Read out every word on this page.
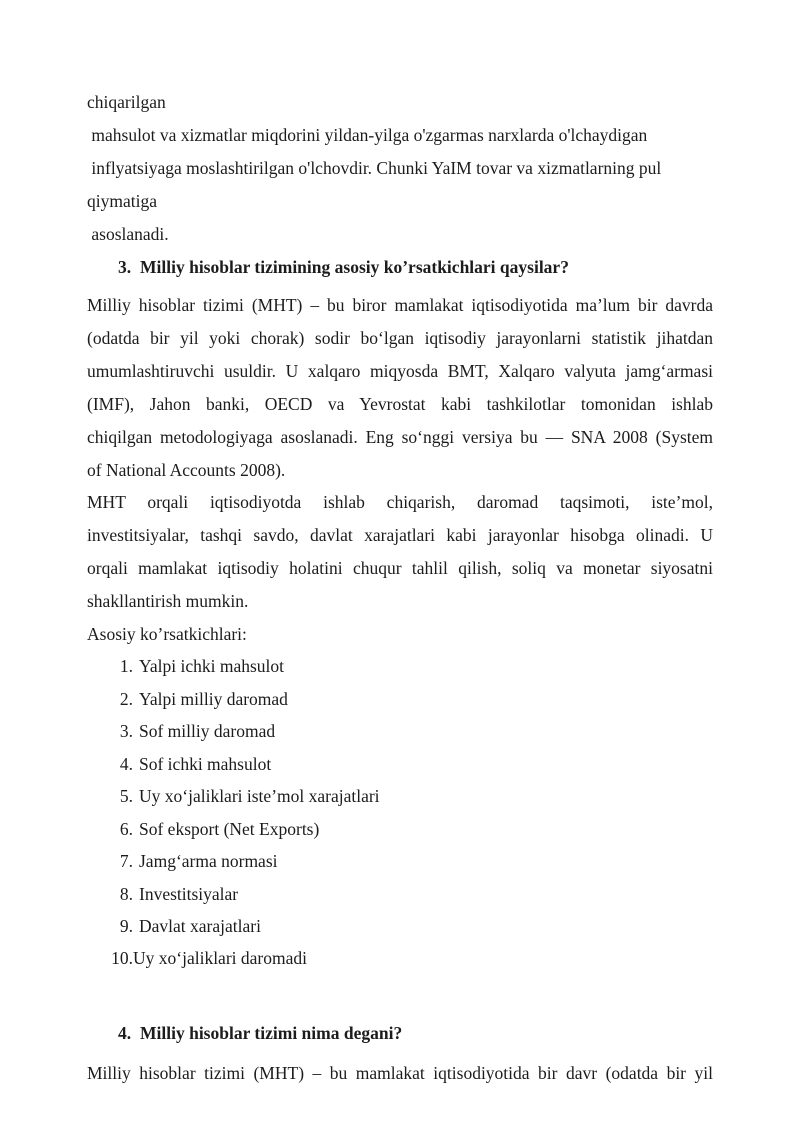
chiqarilgan
mahsulot va xizmatlar miqdorini yildan-yilga o'zgarmas narxlarda o'lchaydigan
inflyatsiyaga moslashtirilgan o'lchovdir. Chunki YaIM tovar va xizmatlarning pul
qiymatiga
asoslanadi.
3. Milliy hisoblar tizimining asosiy ko’rsatkichlari qaysilar?
Milliy hisoblar tizimi (MHT) – bu biror mamlakat iqtisodiyotida ma’lum bir davrda
(odatda bir yil yoki chorak) sodir bo‘lgan iqtisodiy jarayonlarni statistik jihatdan
umumlashtiruvchi usuldir. U xalqaro miqyosda BMT, Xalqaro valyuta jamg‘armasi
(IMF), Jahon banki, OECD va Yevrostat kabi tashkilotlar tomonidan ishlab
chiqilgan metodologiyaga asoslanadi. Eng so‘nggi versiya bu — SNA 2008 (System
of National Accounts 2008).
MHT orqali iqtisodiyotda ishlab chiqarish, daromad taqsimoti, iste’mol,
investitsiyalar, tashqi savdo, davlat xarajatlari kabi jarayonlar hisobga olinadi. U
orqali mamlakat iqtisodiy holatini chuqur tahlil qilish, soliq va monetar siyosatni
shakllantirish mumkin.
Asosiy ko’rsatkichlari:
1. Yalpi ichki mahsulot
2. Yalpi milliy daromad
3. Sof milliy daromad
4. Sof ichki mahsulot
5. Uy xo‘jaliklari iste’mol xarajatlari
6. Sof eksport (Net Exports)
7. Jamg‘arma normasi
8. Investitsiyalar
9. Davlat xarajatlari
10.Uy xo‘jaliklari daromadi
4. Milliy hisoblar tizimi nima degani?
Milliy hisoblar tizimi (MHT) – bu mamlakat iqtisodiyotida bir davr (odatda bir yil
